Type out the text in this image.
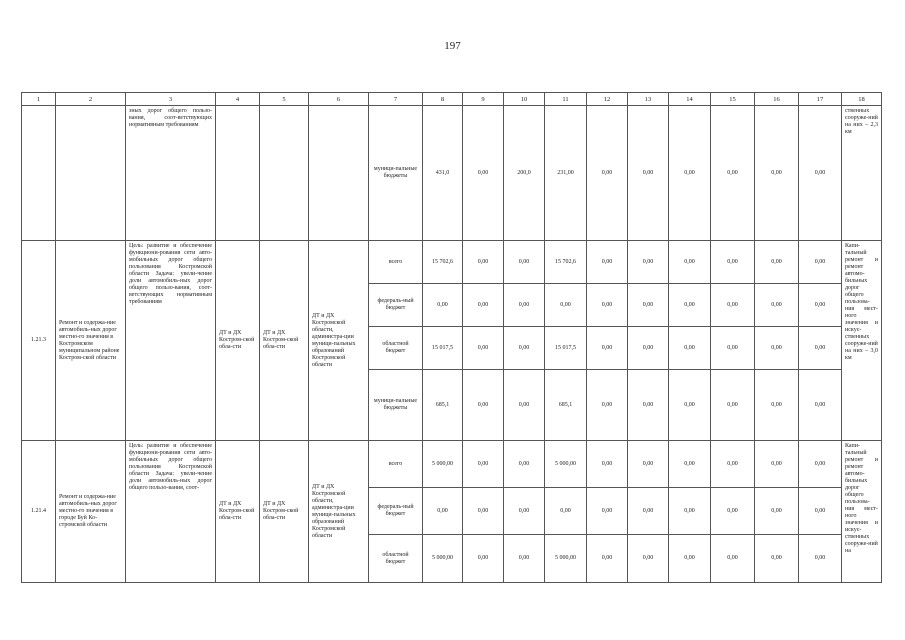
197
1	2	3	4	5	6	7	8	9	10	11	12	13	14	15	16	17	18
		зных дорог общего пользо-вания, соот-ветствующих нормативным требованиям				муници-пальные бюджеты	431,0	0,00	200,0	231,00	0,00	0,00	0,00	0,00	0,00	0,00	ственных сооруже-ний на них – 2,3 км
1.21.3	Ремонт и содержа-ние автомобиль-ных дорог местно-го значения в Костромском муниципальном районе Костром-ской области	Цель: развитие и обеспечение функциони-рования сети авто-мобильных дорог общего пользования Костромской области Задача: увели-чение доли автомобиль-ных дорог общего пользо-вания, соот-ветствующих нормативным требованиям	ДТ и ДХ Костром-ской обла-сти	ДТ и ДХ Костром-ской обла-сти	ДТ и ДХ Костромской области, администра-ции муници-пальных образований Костромской области	всего	15 702,6	0,00	0,00	15 702,6	0,00	0,00	0,00	0,00	0,00	0,00	Капи-тальный ремонт и ремонт автомо-бильных дорог общего пользова-ния мест-ного значения и искус-ственных сооруже-ний на них – 3,0 км
						федераль-ный бюджет	0,00	0,00	0,00	0,00	0,00	0,00	0,00	0,00	0,00	0,00	
						областной бюджет	15 017,5	0,00	0,00	15 017,5	0,00	0,00	0,00	0,00	0,00	0,00	
						муници-пальные бюджеты	685,1	0,00	0,00	685,1	0,00	0,00	0,00	0,00	0,00	0,00	
1.21.4	Ремонт и содержа-ние автомобиль-ных дорог местно-го значения в городе Буй Ко-стромской области	Цель: развитие и обеспечение функциони-рования сети авто-мобильных дорог общего пользования Костромской области Задача: увели-чение доли автомобиль-ных дорог общего пользо-вания, соот-	ДТ и ДХ Костром-ской обла-сти	ДТ и ДХ Костром-ской обла-сти	ДТ и ДХ Костромской области, администра-ции муници-пальных образований Костромской области	всего	5 000,00	0,00	0,00	5 000,00	0,00	0,00	0,00	0,00	0,00	0,00	Капи-тальный ремонт и ремонт автомо-бильных дорог общего пользова-ния мест-ного значения и искус-ственных сооруже-ний на
						федераль-ный бюджет	0,00	0,00	0,00	0,00	0,00	0,00	0,00	0,00	0,00	0,00	
						областной бюджет	5 000,00	0,00	0,00	5 000,00	0,00	0,00	0,00	0,00	0,00	0,00	
